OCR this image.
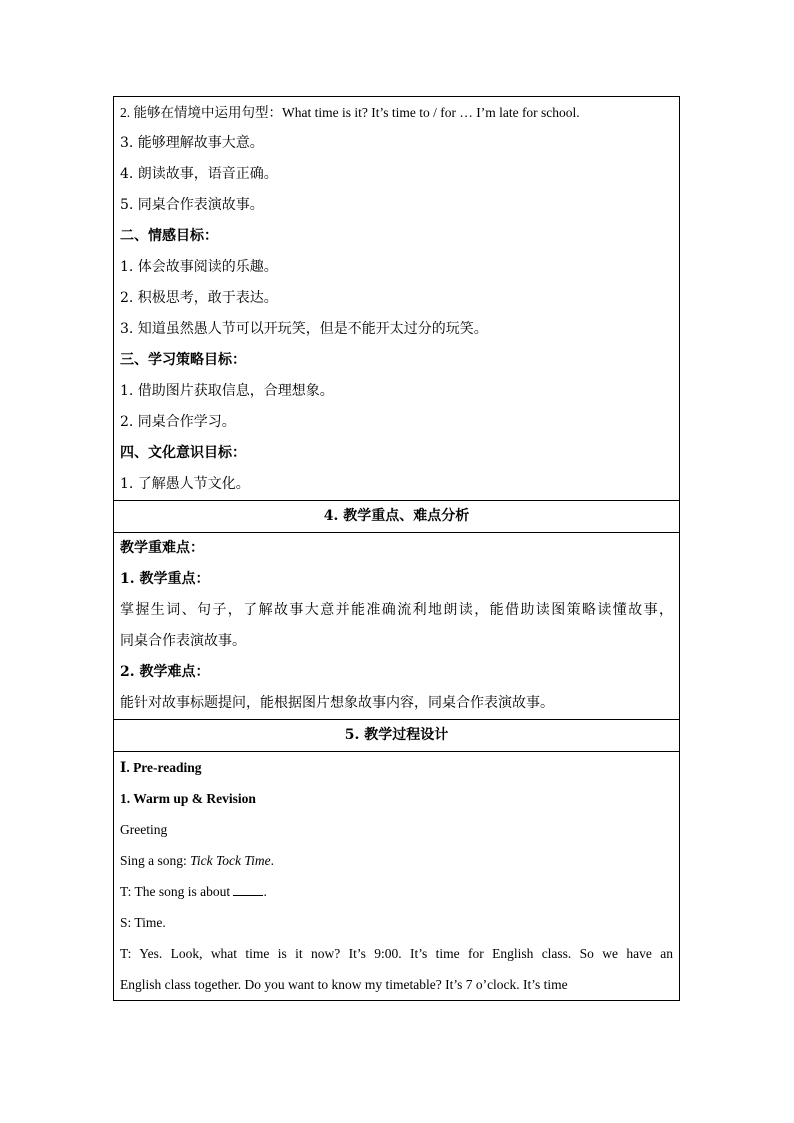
2. 能够在情境中运用句型：What time is it? It’s time to / for … I’m late for school.
3. 能够理解故事大意。
4. 朗读故事，语音正确。
5. 同桌合作表演故事。
二、情感目标：
1. 体会故事阅读的乐趣。
2. 积极思考，敢于表达。
3. 知道虽然愚人节可以开玩笑，但是不能开太过分的玩笑。
三、学习策略目标：
1. 借助图片获取信息，合理想象。
2. 同桌合作学习。
四、文化意识目标：
1. 了解愚人节文化。

4. 教学重点、难点分析

教学重难点：
1. 教学重点：
掌握生词、句子，了解故事大意并能准确流利地朗读，能借助读图策略读懂故事，
同桌合作表演故事。
2. 教学难点：
能针对故事标题提问，能根据图片想象故事内容，同桌合作表演故事。

5. 教学过程设计

Ⅰ. Pre-reading
1. Warm up & Revision
Greeting
Sing a song: Tick Tock Time.
T: The song is about .
S: Time.
T: Yes. Look, what time is it now? It’s 9:00. It’s time for English class. So we have an
English class together. Do you want to know my timetable? It’s 7 o’clock. It’s time
